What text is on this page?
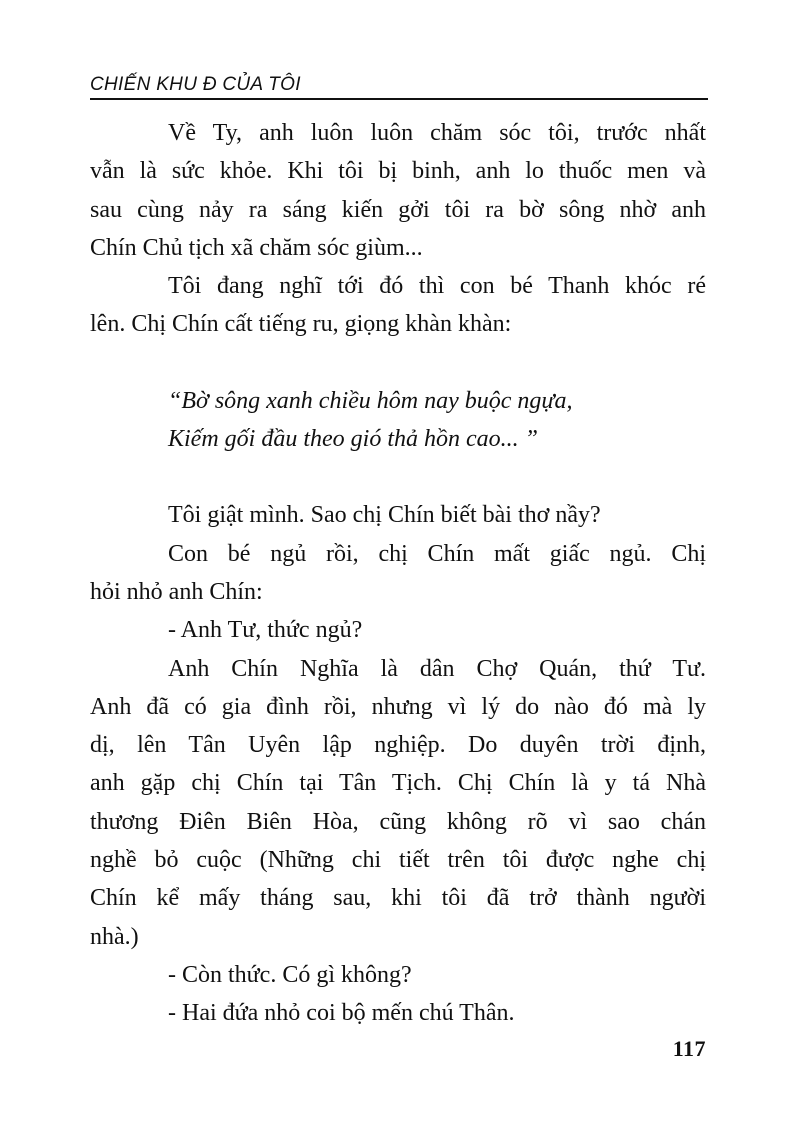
CHIẾN KHU Đ CỦA TÔI
Về Ty, anh luôn luôn chăm sóc tôi, trước nhất
vẫn là sức khỏe. Khi tôi bị binh, anh lo thuốc men và
sau cùng nảy ra sáng kiến gởi tôi ra bờ sông nhờ anh
Chín Chủ tịch xã chăm sóc giùm...
Tôi đang nghĩ tới đó thì con bé Thanh khóc ré
lên. Chị Chín cất tiếng ru, giọng khàn khàn:
“Bờ sông xanh chiều hôm nay buộc ngựa,
Kiếm gối đầu theo gió thả hồn cao... ”
Tôi giật mình. Sao chị Chín biết bài thơ nầy?
Con bé ngủ rồi, chị Chín mất giấc ngủ. Chị
hỏi nhỏ anh Chín:
- Anh Tư, thức ngủ?
Anh Chín Nghĩa là dân Chợ Quán, thứ Tư.
Anh đã có gia đình rồi, nhưng vì lý do nào đó mà ly
dị, lên Tân Uyên lập nghiệp. Do duyên trời định,
anh gặp chị Chín tại Tân Tịch. Chị Chín là y tá Nhà
thương Điên Biên Hòa, cũng không rõ vì sao chán
nghề bỏ cuộc (Những chi tiết trên tôi được nghe chị
Chín kể mấy tháng sau, khi tôi đã trở thành người
nhà.)
- Còn thức. Có gì không?
- Hai đứa nhỏ coi bộ mến chú Thân.
117
